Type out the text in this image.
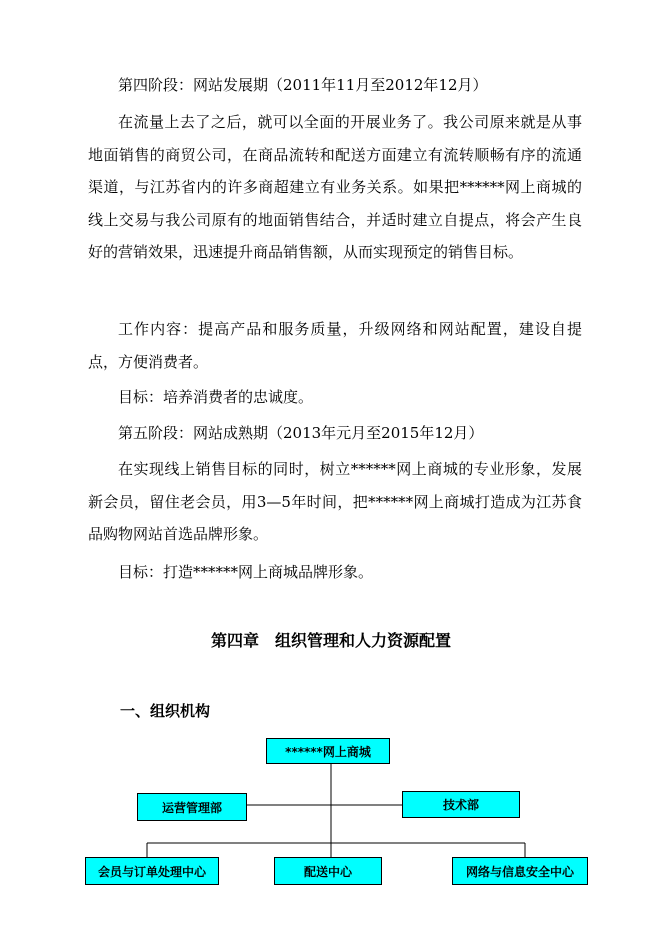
第四阶段：网站发展期（2011年11月至2012年12月）

在流量上去了之后，就可以全面的开展业务了。我公司原来就是从事地面销售的商贸公司，在商品流转和配送方面建立有流转顺畅有序的流通渠道，与江苏省内的许多商超建立有业务关系。如果把******网上商城的线上交易与我公司原有的地面销售结合，并适时建立自提点，将会产生良好的营销效果，迅速提升商品销售额，从而实现预定的销售目标。

工作内容：提高产品和服务质量，升级网络和网站配置，建设自提点，方便消费者。

目标：培养消费者的忠诚度。

第五阶段：网站成熟期（2013年元月至2015年12月）

在实现线上销售目标的同时，树立******网上商城的专业形象，发展新会员，留住老会员，用3—5年时间，把******网上商城打造成为江苏食品购物网站首选品牌形象。

目标：打造******网上商城品牌形象。

第四章　组织管理和人力资源配置
一、组织机构
******网上商城
运营管理部	技术部
会员与订单处理中心	配送中心	网络与信息安全中心
